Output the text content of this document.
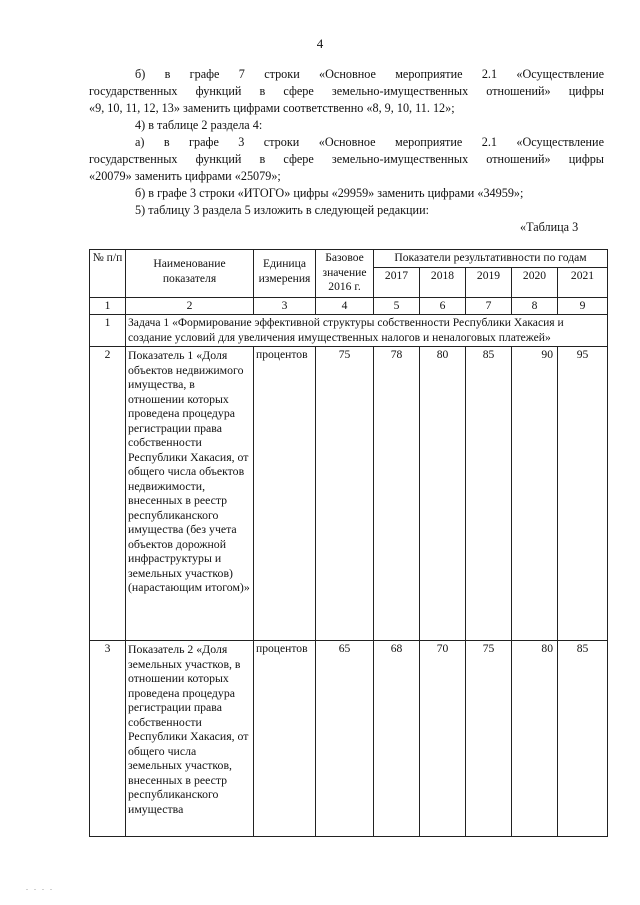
4
б) в графе 7 строки «Основное мероприятие 2.1 «Осуществление
государственных функций в сфере земельно-имущественных отношений» цифры
«9, 10, 11, 12, 13» заменить цифрами соответственно «8, 9, 10, 11. 12»;
4) в таблице 2 раздела 4:
а) в графе 3 строки «Основное мероприятие 2.1 «Осуществление
государственных функций в сфере земельно-имущественных отношений» цифры
«20079» заменить цифрами «25079»;
б) в графе 3 строки «ИТОГО» цифры «29959» заменить цифрами «34959»;
5) таблицу 3 раздела 5 изложить в следующей редакции:
«Таблица 3
№ п/п	Наименование показателя	Единица измерения	Базовое значение 2016 г.	Показатели результативности по годам				
				2017	2018	2019	2020	2021
1	2	3	4	5	6	7	8	9
1	Задача 1 «Формирование эффективной структуры собственности Республики Хакасия и создание условий для увеличения имущественных налогов и неналоговых платежей»							
2	Показатель 1 «Доля объектов недвижимого имущества, в отношении которых проведена процедура регистрации права собственности Республики Хакасия, от общего числа объектов недвижимости, внесенных в реестр республиканского имущества (без учета объектов дорожной инфраструктуры и земельных участков) (нарастающим итогом)»	процентов	75	78	80	85	90	95
3	Показатель 2 «Доля земельных участков, в отношении которых проведена процедура регистрации права собственности Республики Хакасия, от общего числа земельных участков, внесенных в реестр республиканского имущества	процентов	65	68	70	75	80	85
. . . .
